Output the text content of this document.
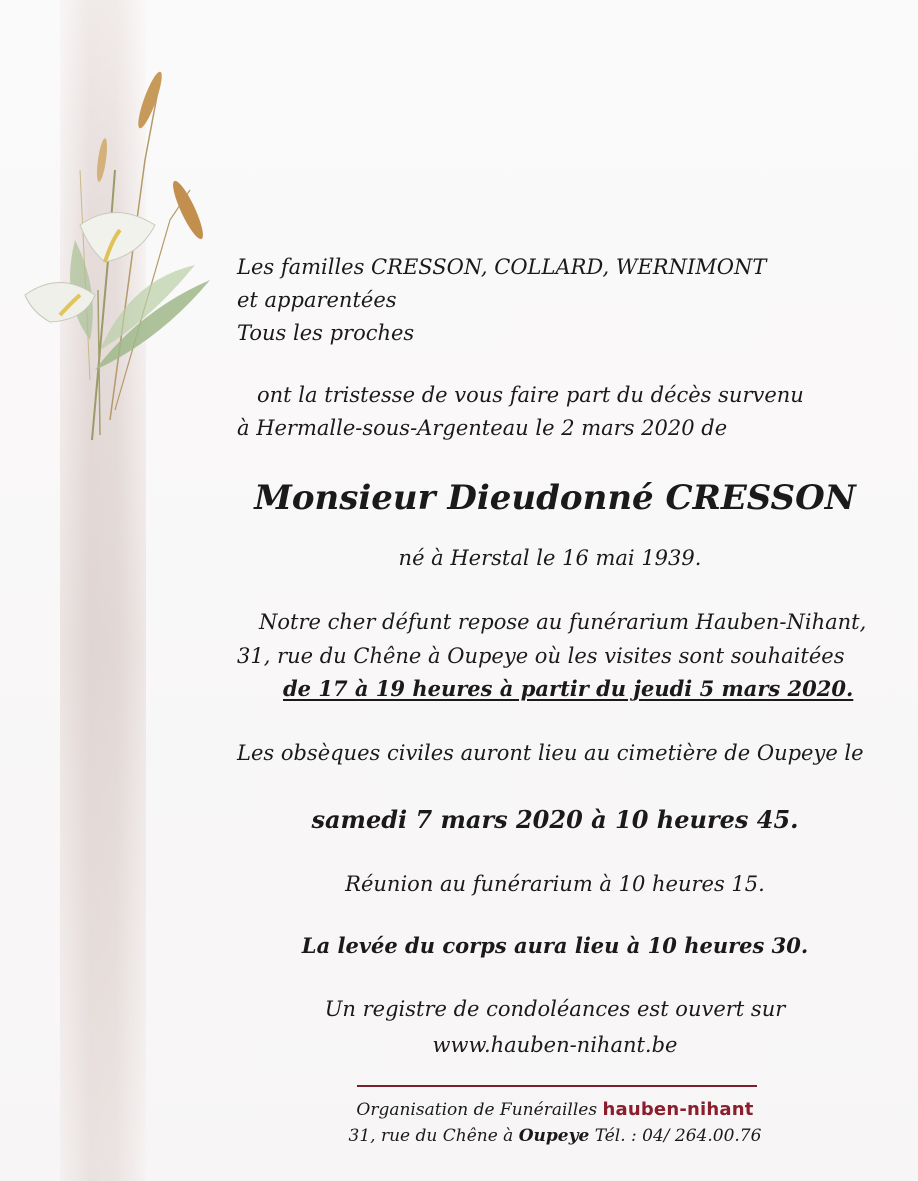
Les familles CRESSON, COLLARD, WERNIMONT
et apparentées
Tous les proches
ont la tristesse de vous faire part du décès survenu
à Hermalle-sous-Argenteau le 2 mars 2020 de
Monsieur Dieudonné CRESSON
né à Herstal le 16 mai 1939.
Notre cher défunt repose au funérarium Hauben-Nihant,
31, rue du Chêne à Oupeye où les visites sont souhaitées
de 17 à 19 heures à partir du jeudi 5 mars 2020.
Les obsèques civiles auront lieu au cimetière de Oupeye le
samedi 7 mars 2020 à 10 heures 45.
Réunion au funérarium à 10 heures 15.
La levée du corps aura lieu à 10 heures 30.
Un registre de condoléances est ouvert sur
www.hauben-nihant.be
Organisation de Funérailles hauben-nihant
31, rue du Chêne à Oupeye Tél. : 04/ 264.00.76
